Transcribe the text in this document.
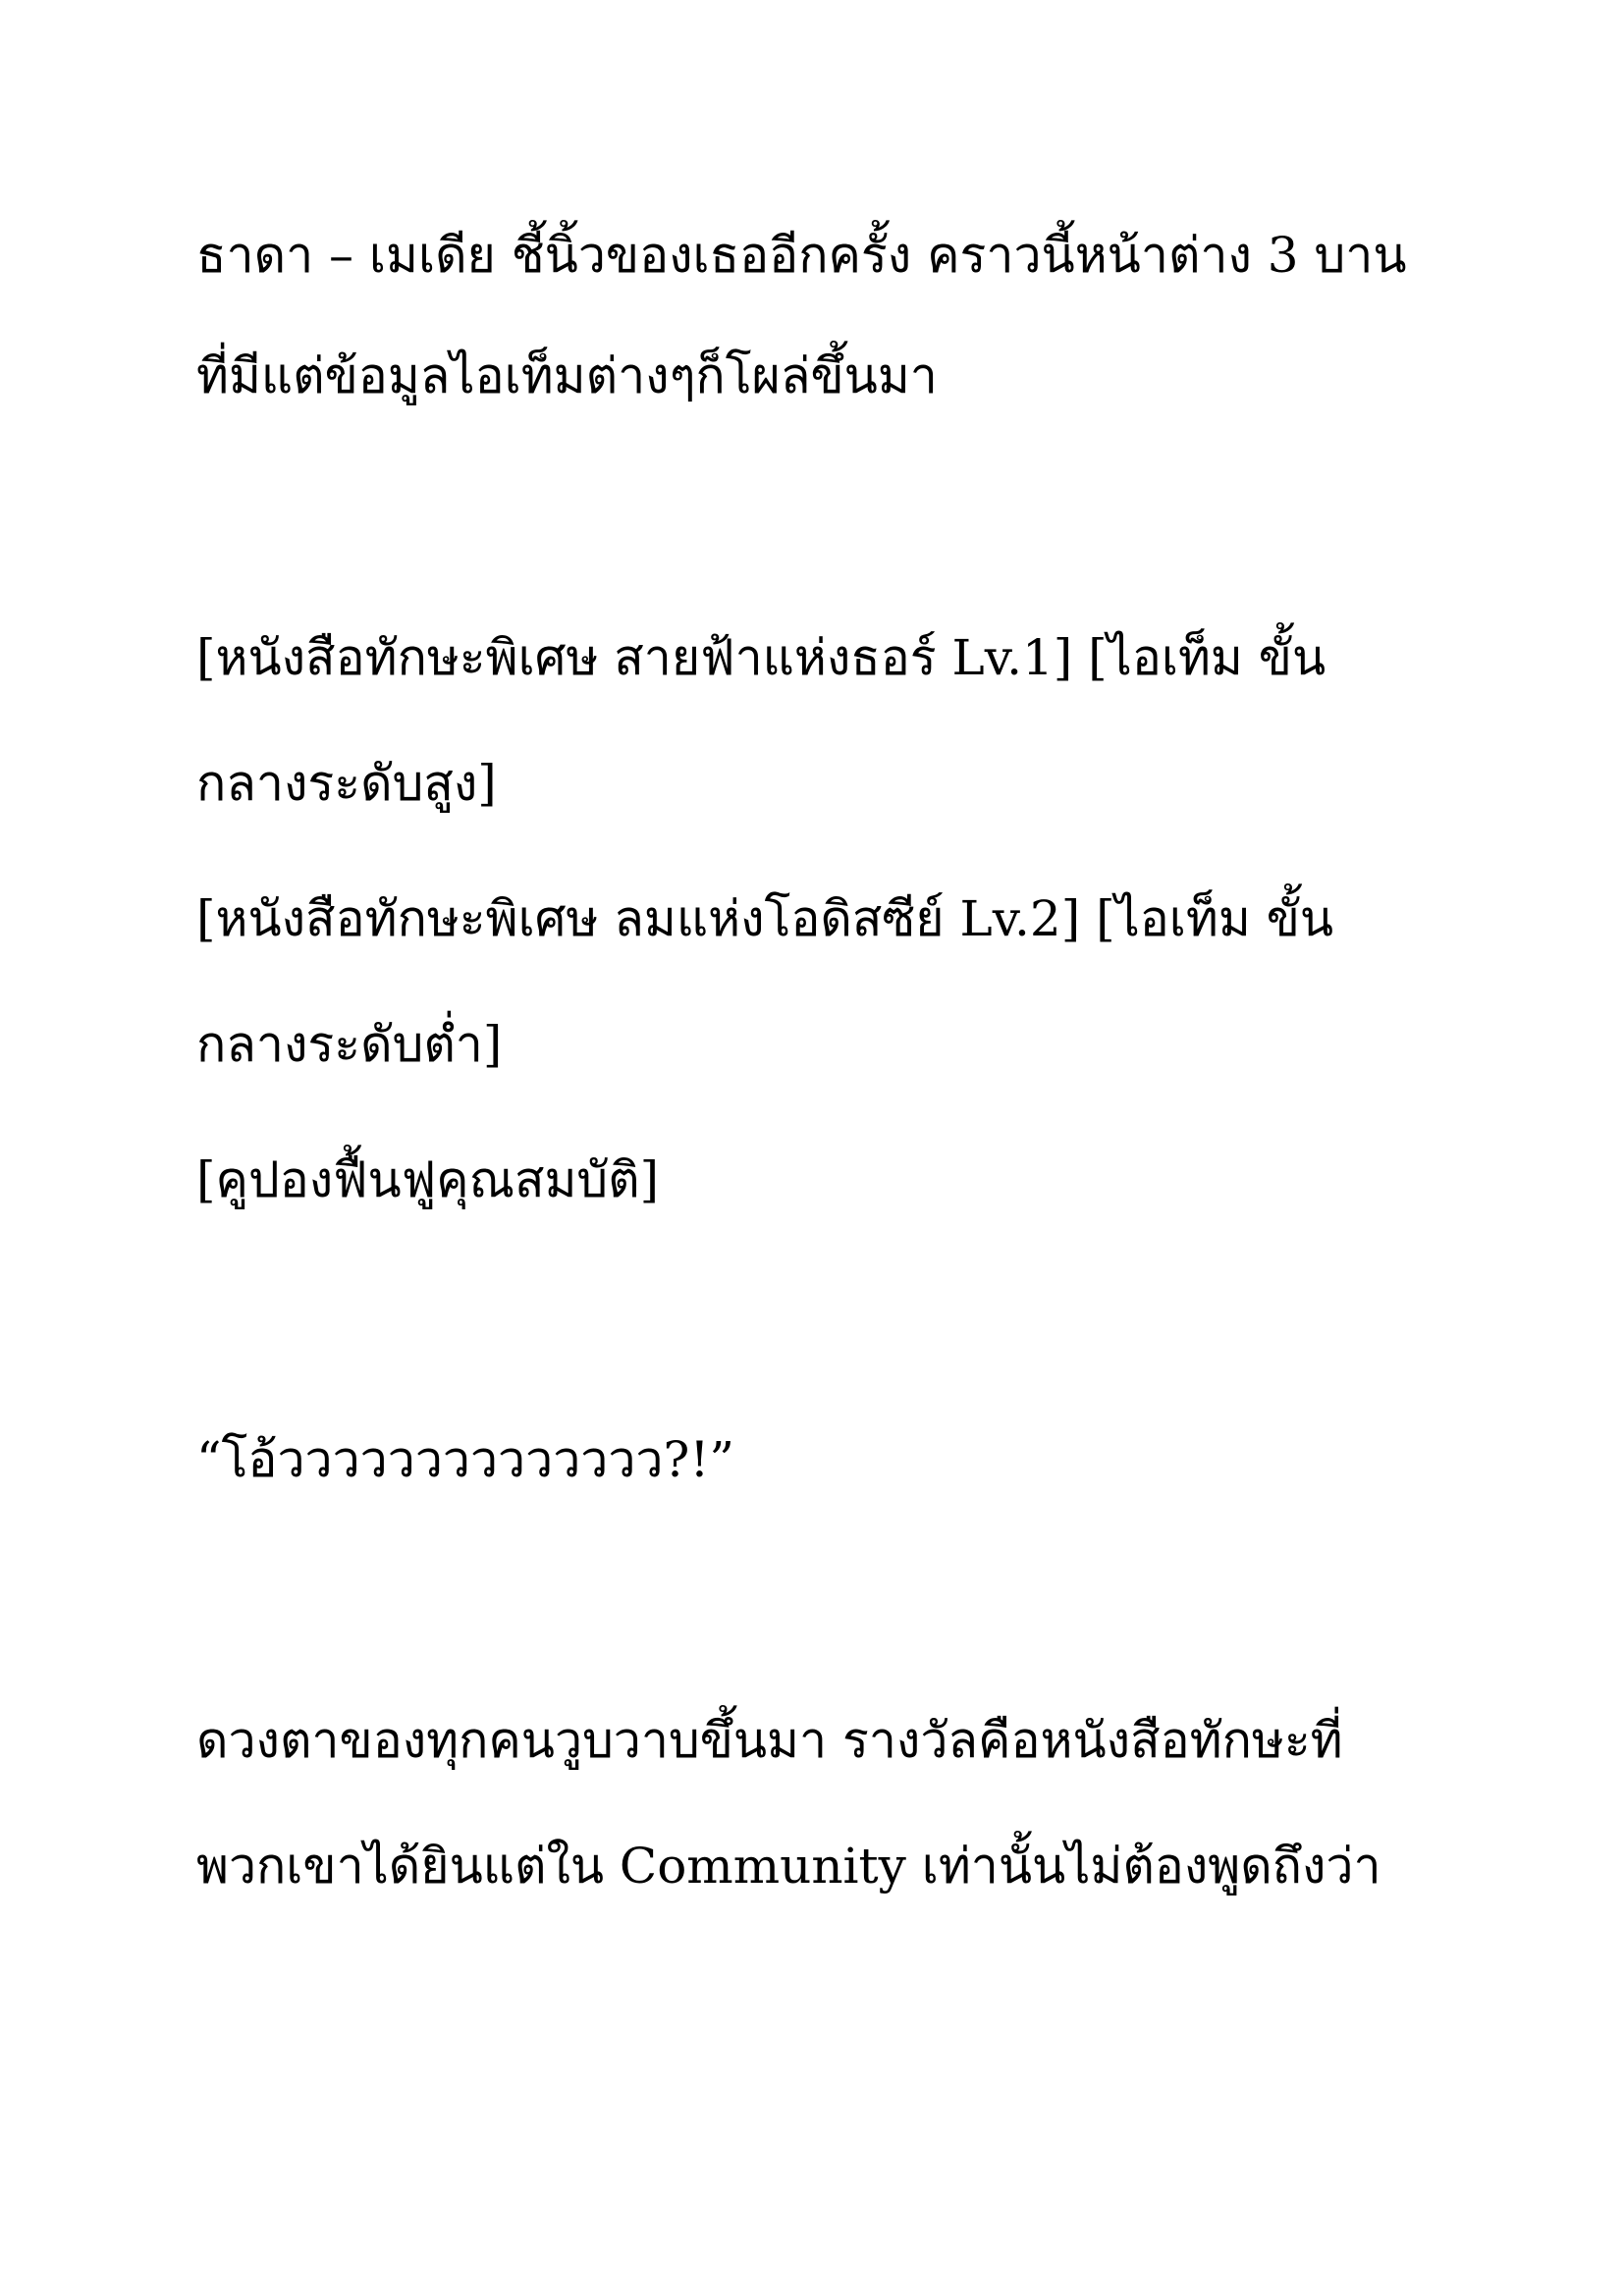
ธาดา – เมเดีย ชี้นิ้วของเธออีกครั้ง คราวนี้หน้าต่าง 3 บาน

ที่มีแต่ข้อมูลไอเท็มต่างๆก็โผล่ขึ้นมา

[หนังสือทักษะพิเศษ สายฟ้าแห่งธอร์ Lv.1] [ไอเท็ม ขั้น

กลางระดับสูง]

[หนังสือทักษะพิเศษ ลมแห่งโอดิสซีย์ Lv.2] [ไอเท็ม ขั้น

กลางระดับต่ำ]

[คูปองฟื้นฟูคุณสมบัติ]

“โอ้วววววววววววววว?!”

ดวงตาของทุกคนวูบวาบขึ้นมา รางวัลคือหนังสือทักษะที่

พวกเขาได้ยินแต่ใน Community เท่านั้นไม่ต้องพูดถึงว่า
